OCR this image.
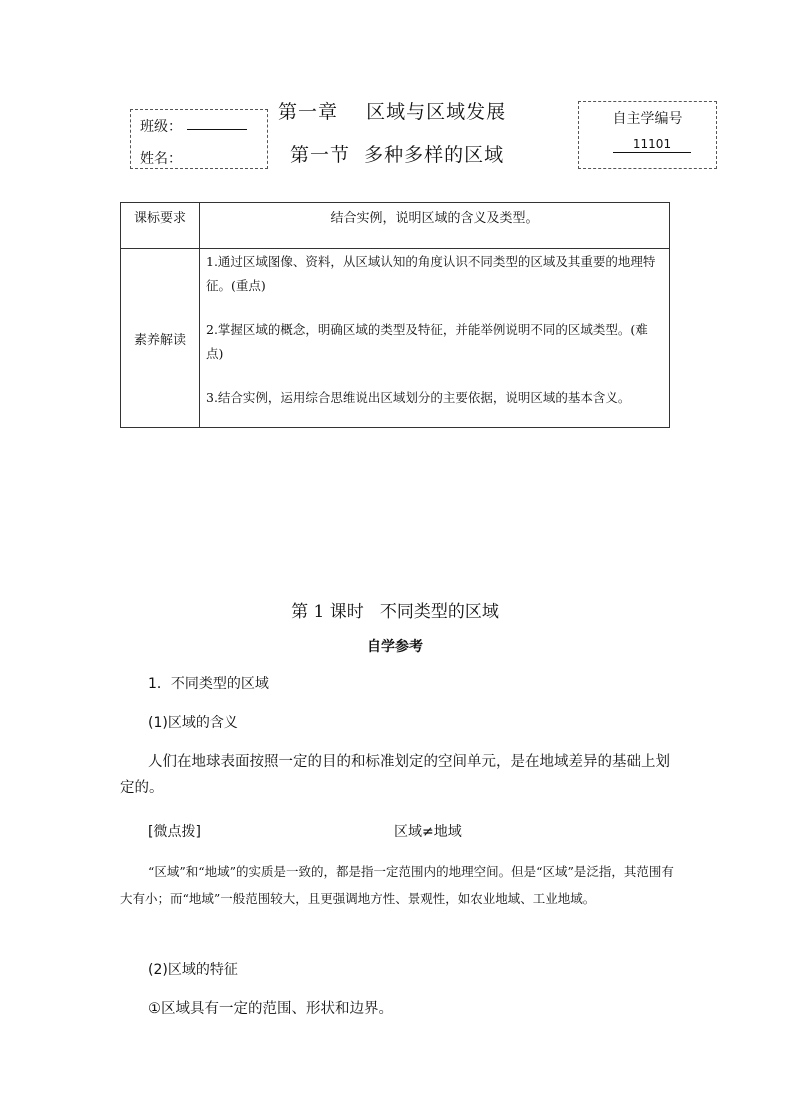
班级：
姓名：
第一章    区域与区域发展
第一节  多种多样的区域
自主学编号
11101
课标要求	结合实例，说明区域的含义及类型。
素养解读	1.通过区域图像、资料，从区域认知的角度认识不同类型的区域及其重要的地理特征。(重点)

2.掌握区域的概念，明确区域的类型及特征，并能举例说明不同的区域类型。(难点)

3.结合实例，运用综合思维说出区域划分的主要依据，说明区域的基本含义。

第 1 课时   不同类型的区域
自学参考
1．不同类型的区域
(1)区域的含义
人们在地球表面按照一定的目的和标准划定的空间单元，是在地域差异的基础上划定的。
[微点拨]	区域≠地域
“区域”和“地域”的实质是一致的，都是指一定范围内的地理空间。但是“区域”是泛指，其范围有大有小；而“地域”一般范围较大，且更强调地方性、景观性，如农业地域、工业地域。
(2)区域的特征
①区域具有一定的范围、形状和边界。
